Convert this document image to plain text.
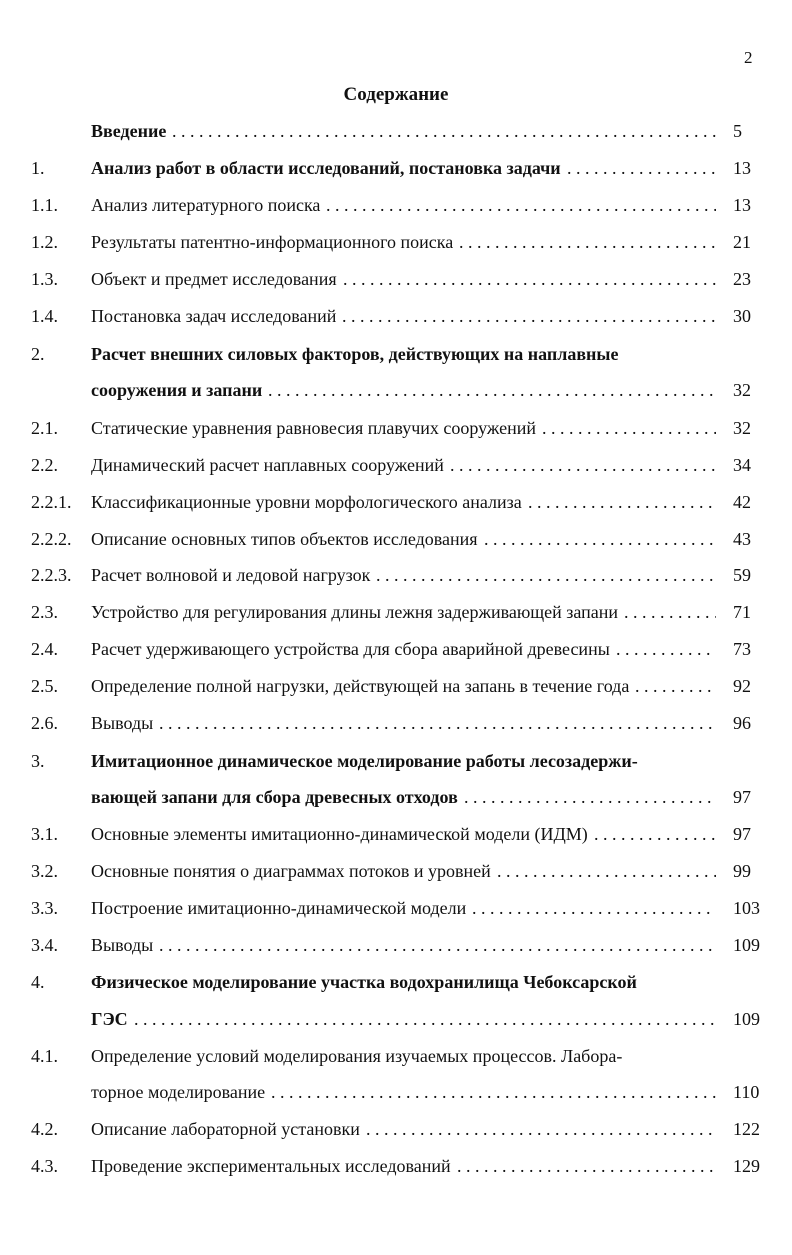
2
Содержание
Введение . . .	5
1.	Анализ работ в области исследований, постановка задачи . . .	13
1.1. Анализ литературного поиска . . .	13
1.2. Результаты патентно-информационного поиска . . .	21
1.3. Объект и предмет исследования . . .	23
1.4. Постановка задач исследований . . .	30
2.	Расчет внешних силовых факторов, действующих на наплавные
сооружения и запани . . .	32
2.1. Статические уравнения равновесия плавучих сооружений . . .	32
2.2. Динамический расчет наплавных сооружений . . .	34
2.2.1. Классификационные уровни морфологического анализа . . .	42
2.2.2. Описание основных типов объектов исследования . . .	43
2.2.3. Расчет волновой и ледовой нагрузок . . .	59
2.3. Устройство для регулирования длины лежня задерживающей запани . . .	71
2.4. Расчет удерживающего устройства для сбора аварийной древесины . . .	73
2.5. Определение полной нагрузки, действующей на запань в течение года . . .	92
2.6. Выводы . . .	96
3.	Имитационное динамическое моделирование работы лесозадержи-
вающей запани для сбора древесных отходов . . .	97
3.1. Основные элементы имитационно-динамической модели (ИДМ) . . .	97
3.2. Основные понятия о диаграммах потоков и уровней . . .	99
3.3. Построение имитационно-динамической модели . . .	103
3.4. Выводы . . .	109
4.	Физическое моделирование участка водохранилища Чебоксарской
ГЭС . . .	109
4.1. Определение условий моделирования изучаемых процессов. Лабора-
торное моделирование . . .	110
4.2. Описание лабораторной установки . . .	122
4.3. Проведение экспериментальных исследований . . .	129
